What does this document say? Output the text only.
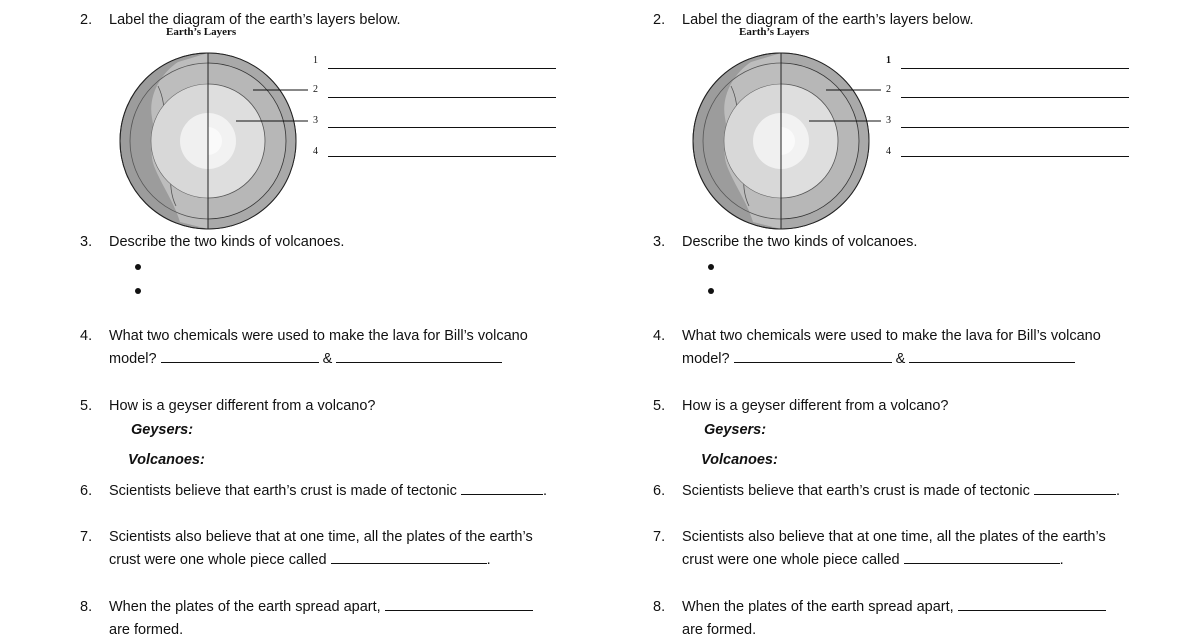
2. Label the diagram of the earth’s layers below.
Earth’s Layers
1
2
3
4
3. Describe the two kinds of volcanoes.
4. What two chemicals were used to make the lava for Bill’s volcano
model?	&
5. How is a geyser different from a volcano?
Geysers:
Volcanoes:
6. Scientists believe that earth’s crust is made of tectonic	.
7. Scientists also believe that at one time, all the plates of the earth’s
crust were one whole piece called	.
8. When the plates of the earth spread apart,
are formed.
2. Label the diagram of the earth’s layers below.
Earth’s Layers
1
2
3
4
3. Describe the two kinds of volcanoes.
4. What two chemicals were used to make the lava for Bill’s volcano
model?	&
5. How is a geyser different from a volcano?
Geysers:
Volcanoes:
6. Scientists believe that earth’s crust is made of tectonic	.
7. Scientists also believe that at one time, all the plates of the earth’s
crust were one whole piece called	.
8. When the plates of the earth spread apart,
are formed.
